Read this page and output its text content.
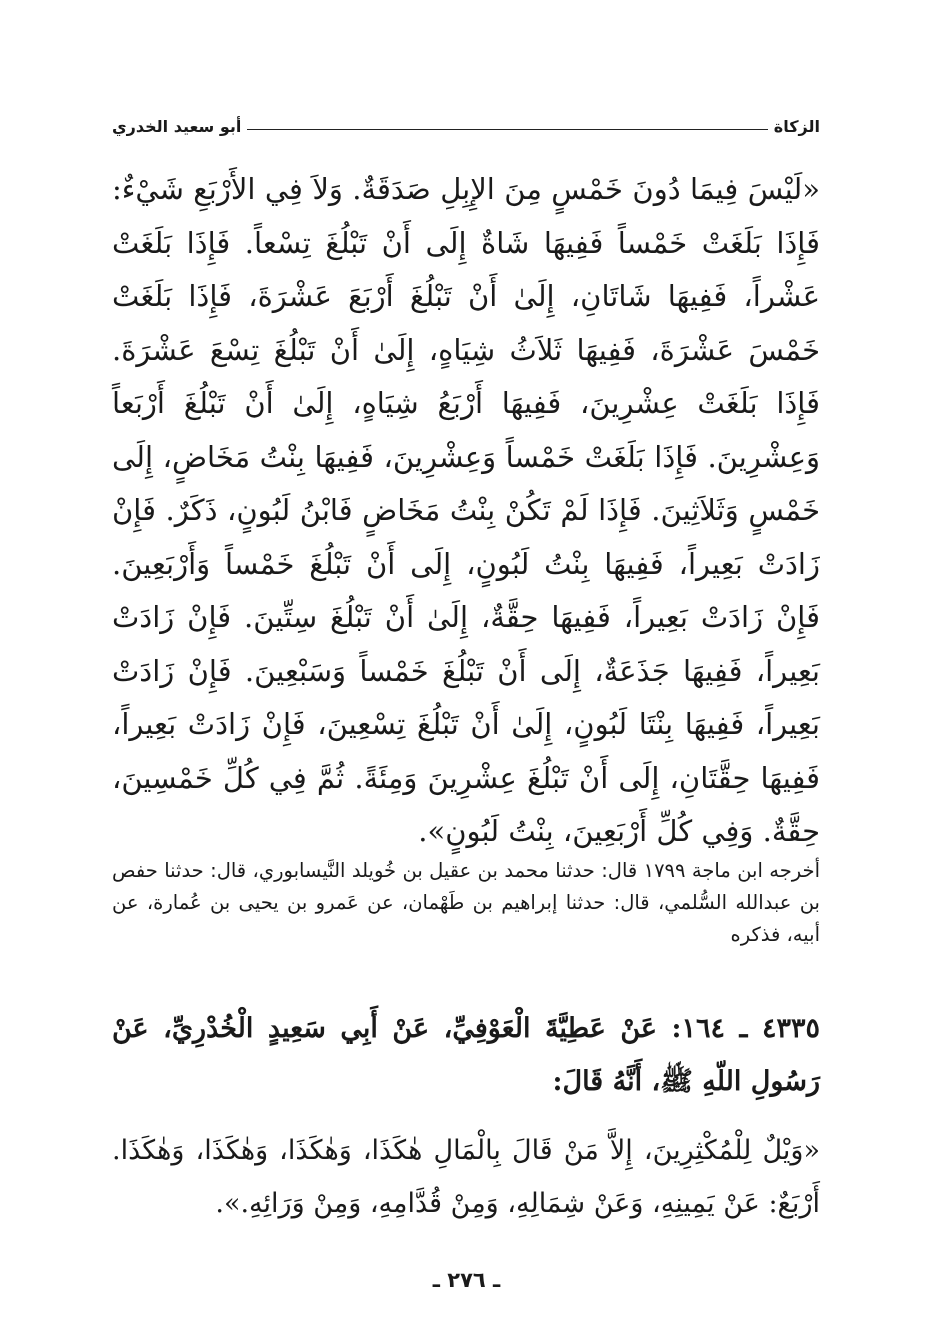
الزكاة
أبو سعيد الخدري

«لَيْسَ فِيمَا دُونَ خَمْسٍ مِنَ الإِبِلِ صَدَقَةٌ. وَلاَ فِي الأَرْبَعِ شَيْءٌ: فَإِذَا بَلَغَتْ خَمْساً فَفِيهَا شَاةٌ إِلَى أَنْ تَبْلُغَ تِسْعاً. فَإِذَا بَلَغَتْ عَشْراً، فَفِيهَا شَاتَانِ، إِلَىٰ أَنْ تَبْلُغَ أَرْبَعَ عَشْرَةَ، فَإِذَا بَلَغَتْ خَمْسَ عَشْرَةَ، فَفِيهَا ثَلاَثُ شِيَاهٍ، إِلَىٰ أَنْ تَبْلُغَ تِسْعَ عَشْرَةَ. فَإِذَا بَلَغَتْ عِشْرِينَ، فَفِيهَا أَرْبَعُ شِيَاهٍ، إِلَىٰ أَنْ تَبْلُغَ أَرْبَعاً وَعِشْرِينَ. فَإِذَا بَلَغَتْ خَمْساً وَعِشْرِينَ، فَفِيهَا بِنْتُ مَخَاضٍ، إِلَى خَمْسٍ وَثَلاَثِينَ. فَإِذَا لَمْ تَكُنْ بِنْتُ مَخَاضٍ فَابْنُ لَبُونٍ، ذَكَرٌ. فَإِنْ زَادَتْ بَعِيراً، فَفِيهَا بِنْتُ لَبُونٍ، إِلَى أَنْ تَبْلُغَ خَمْساً وَأَرْبَعِينَ. فَإِنْ زَادَتْ بَعِيراً، فَفِيهَا حِقَّةٌ، إِلَىٰ أَنْ تَبْلُغَ سِتِّينَ. فَإِنْ زَادَتْ بَعِيراً، فَفِيهَا جَذَعَةٌ، إِلَى أَنْ تَبْلُغَ خَمْساً وَسَبْعِينَ. فَإِنْ زَادَتْ بَعِيراً، فَفِيهَا بِنْتَا لَبُونٍ، إِلَىٰ أَنْ تَبْلُغَ تِسْعِينَ، فَإِنْ زَادَتْ بَعِيراً، فَفِيهَا حِقَّتَانِ، إِلَى أَنْ تَبْلُغَ عِشْرِينَ وَمِئَةً. ثُمَّ فِي كُلِّ خَمْسِينَ، حِقَّةٌ. وَفِي كُلِّ أَرْبَعِينَ، بِنْتُ لَبُونٍ».

أخرجه ابن ماجة ١٧٩٩ قال: حدثنا محمد بن عقيل بن خُويلد النَّيسابوري، قال: حدثنا حفص بن عبدالله السُّلمي، قال: حدثنا إبراهيم بن طَهْمان، عن عَمرو بن يحيى بن عُمارة، عن أبيه، فذكره

٤٣٣٥ ـ ١٦٤: عَنْ عَطِيَّةَ الْعَوْفِيِّ، عَنْ أَبِي سَعِيدٍ الْخُدْرِيِّ، عَنْ رَسُولِ اللّهِ ﷺ، أَنَّهُ قَالَ:

«وَيْلٌ لِلْمُكْثِرِينَ، إِلاَّ مَنْ قَالَ بِالْمَالِ هٰكَذَا، وَهٰكَذَا، وَهٰكَذَا، وَهٰكَذَا. أَرْبَعٌ: عَنْ يَمِينِهِ، وَعَنْ شِمَالِهِ، وَمِنْ قُدَّامِهِ، وَمِنْ وَرَائِهِ.».

ـ ٢٧٦ ـ
